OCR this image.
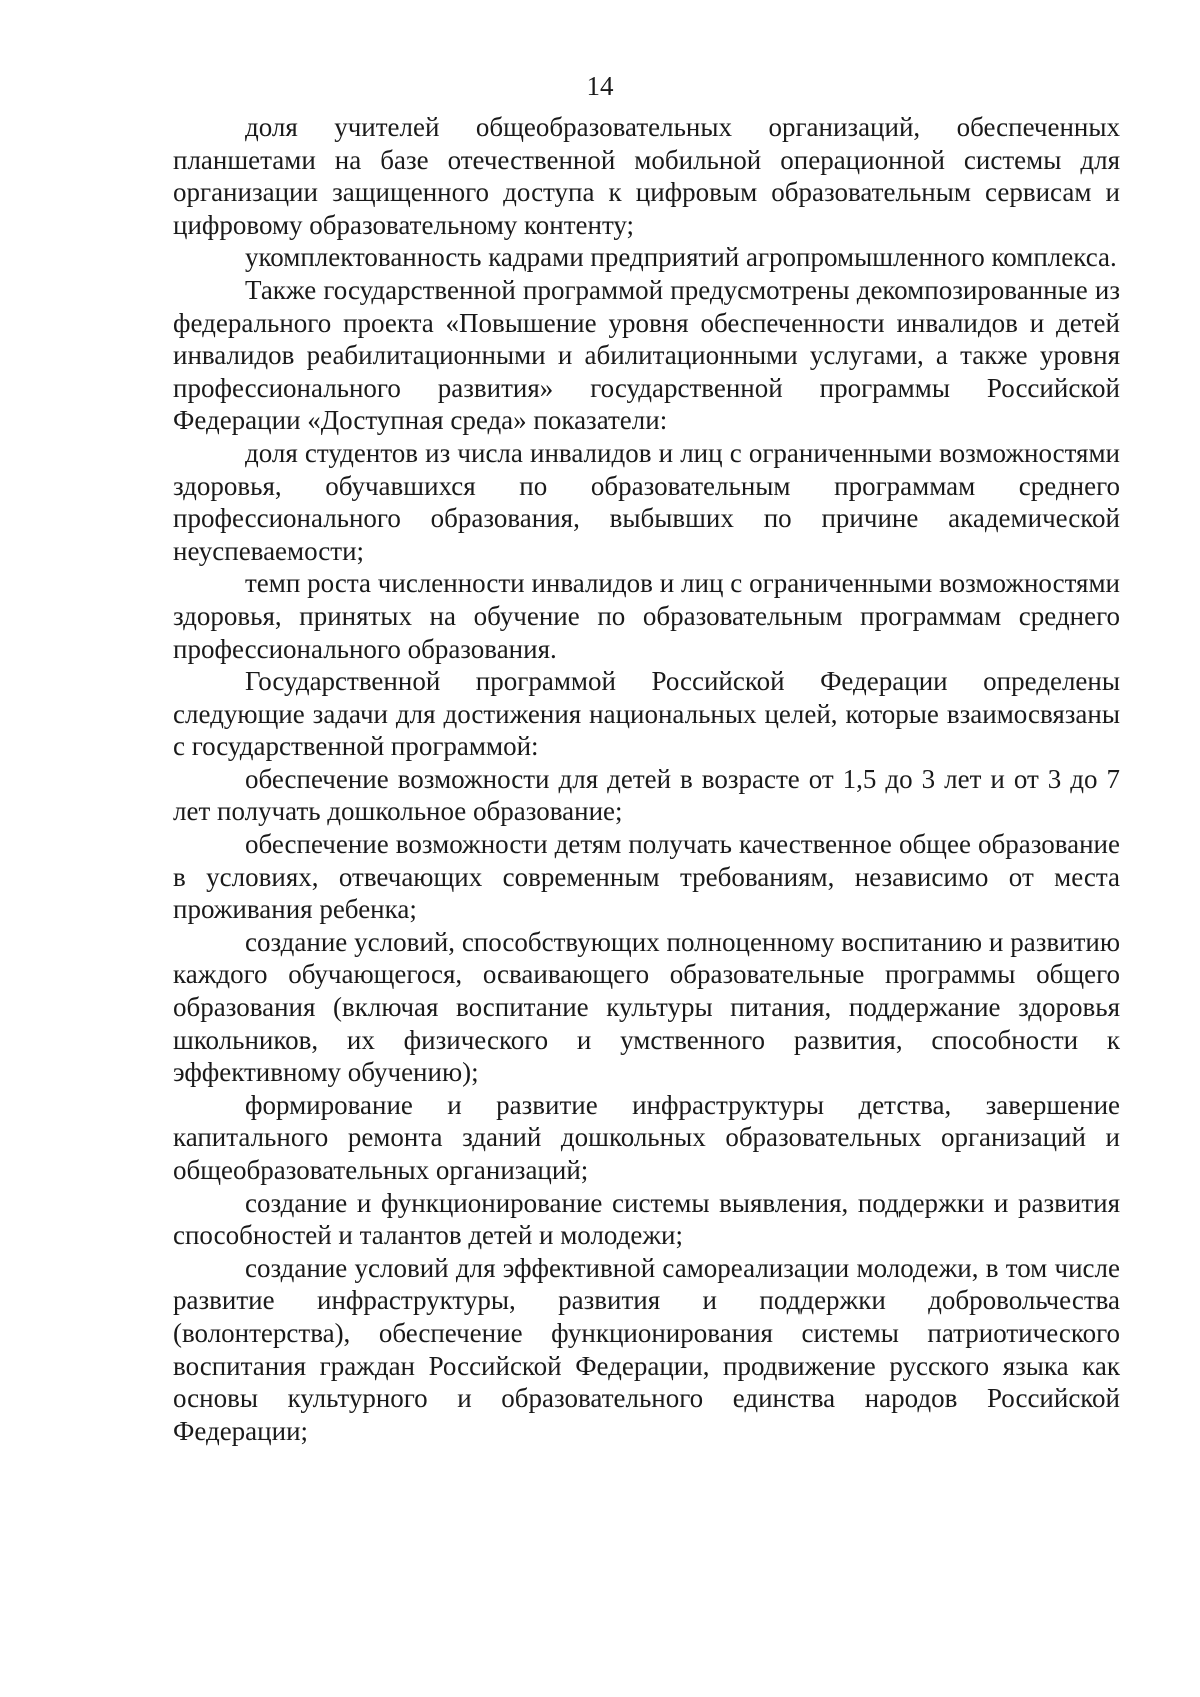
14

доля учителей общеобразовательных организаций, обеспеченных планшетами на базе отечественной мобильной операционной системы для организации защищенного доступа к цифровым образовательным сервисам и цифровому образовательному контенту;

укомплектованность кадрами предприятий агропромышленного комплекса.

Также государственной программой предусмотрены декомпозированные из федерального проекта «Повышение уровня обеспеченности инвалидов и детей инвалидов реабилитационными и абилитационными услугами, а также уровня профессионального развития» государственной программы Российской Федерации «Доступная среда» показатели:

доля студентов из числа инвалидов и лиц с ограниченными возможностями здоровья, обучавшихся по образовательным программам среднего профессионального образования, выбывших по причине академической неуспеваемости;

темп роста численности инвалидов и лиц с ограниченными возможностями здоровья, принятых на обучение по образовательным программам среднего профессионального образования.

Государственной программой Российской Федерации определены следующие задачи для достижения национальных целей, которые взаимосвязаны с государственной программой:

обеспечение возможности для детей в возрасте от 1,5 до 3 лет и от 3 до 7 лет получать дошкольное образование;

обеспечение возможности детям получать качественное общее образование в условиях, отвечающих современным требованиям, независимо от места проживания ребенка;

создание условий, способствующих полноценному воспитанию и развитию каждого обучающегося, осваивающего образовательные программы общего образования (включая воспитание культуры питания, поддержание здоровья школьников, их физического и умственного развития, способности к эффективному обучению);

формирование и развитие инфраструктуры детства, завершение капитального ремонта зданий дошкольных образовательных организаций и общеобразовательных организаций;

создание и функционирование системы выявления, поддержки и развития способностей и талантов детей и молодежи;

создание условий для эффективной самореализации молодежи, в том числе развитие инфраструктуры, развития и поддержки добровольчества (волонтерства), обеспечение функционирования системы патриотического воспитания граждан Российской Федерации, продвижение русского языка как основы культурного и образовательного единства народов Российской Федерации;
